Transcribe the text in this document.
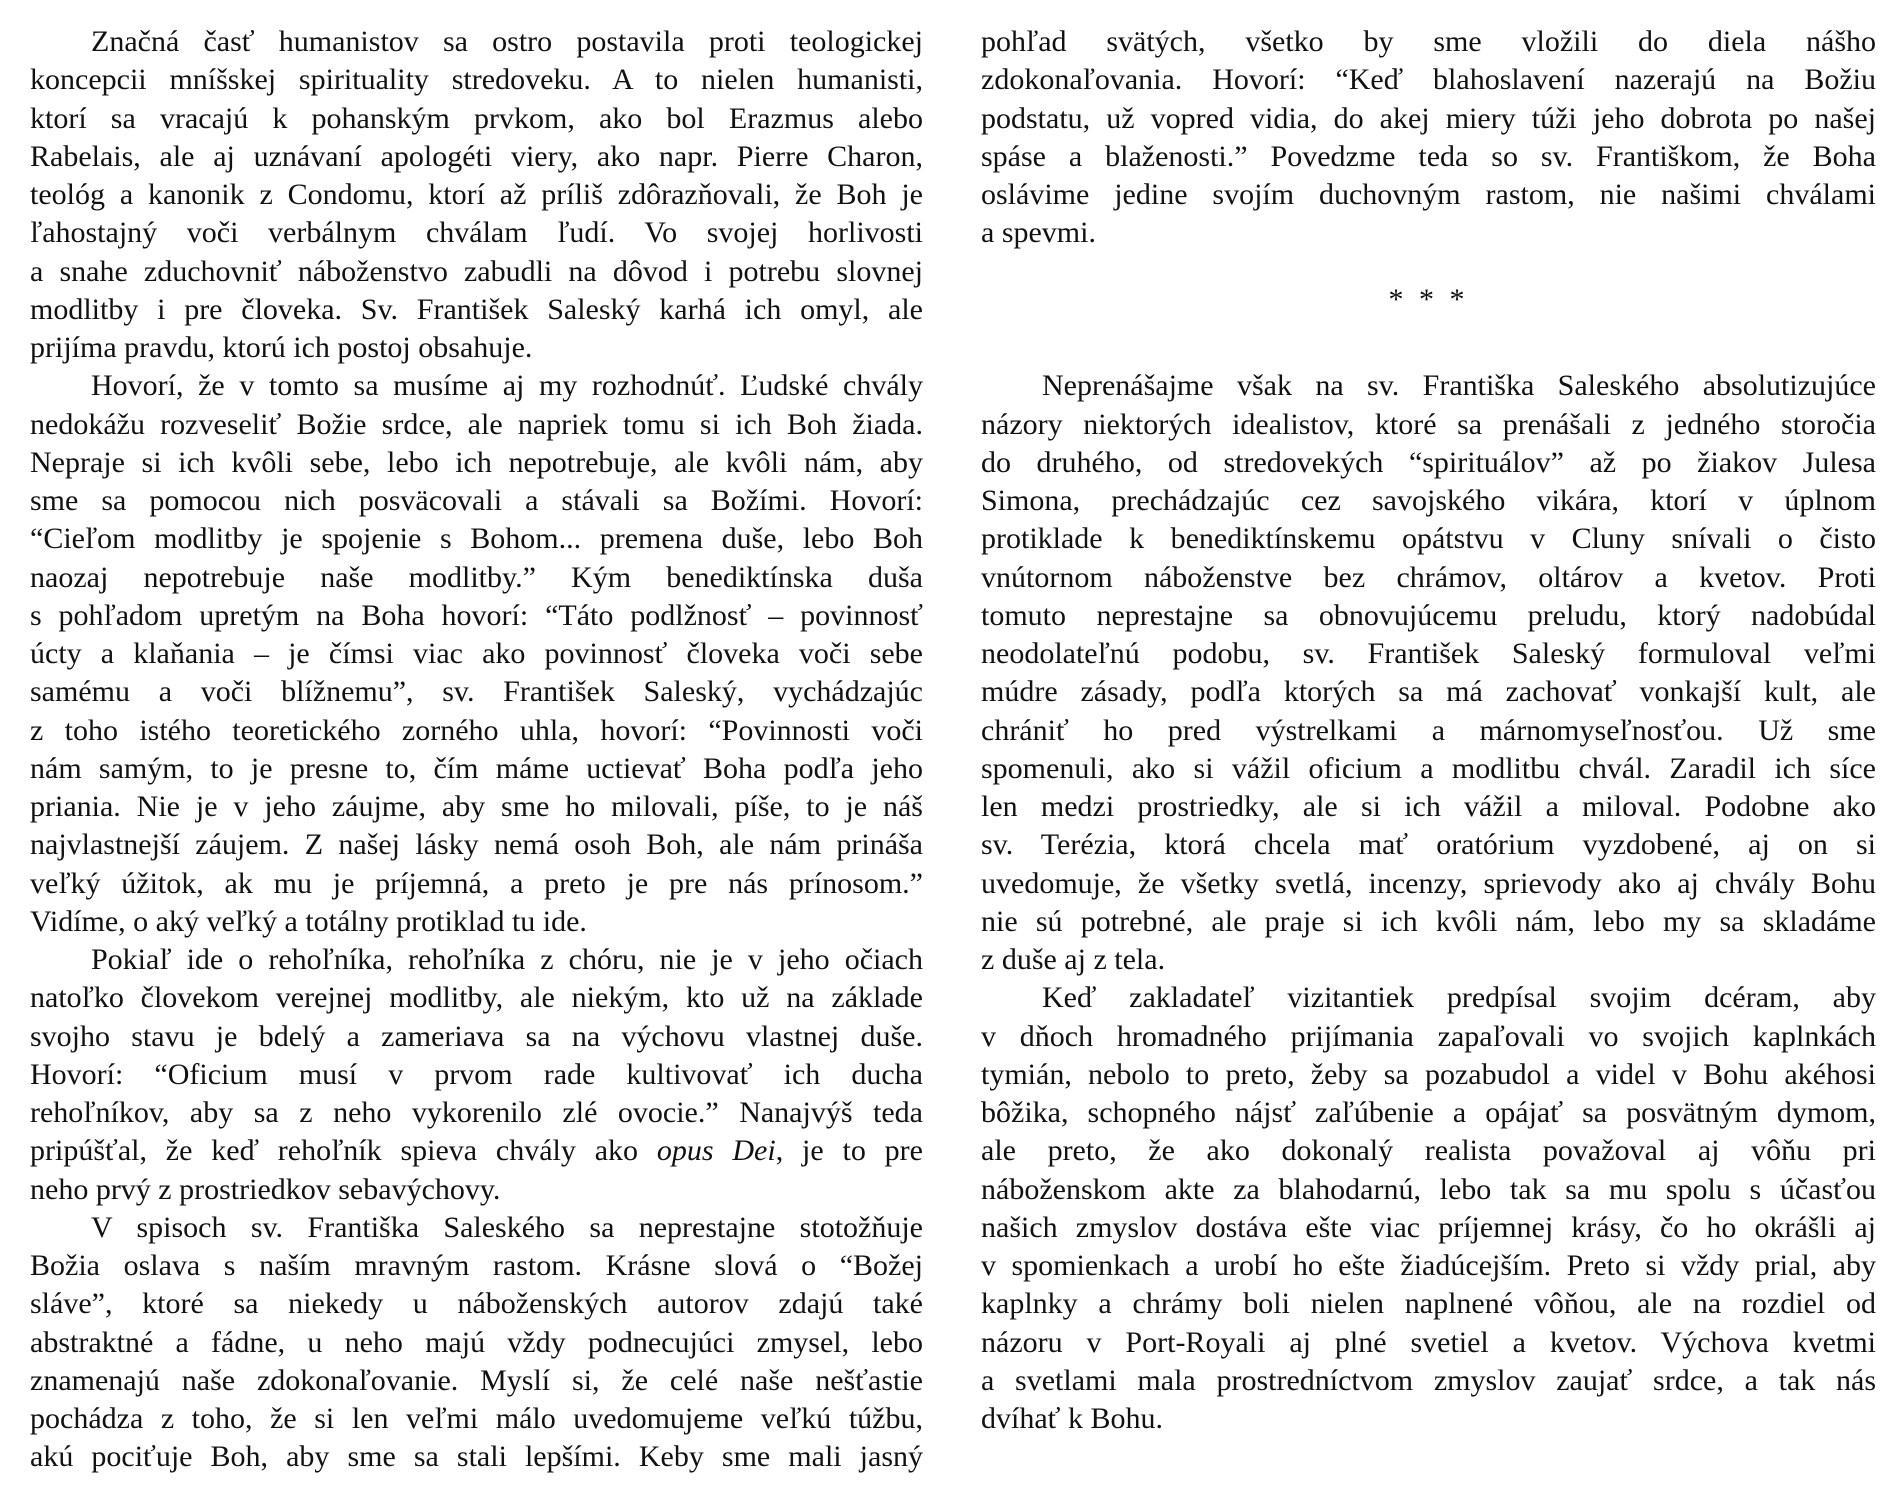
Značná časť humanistov sa ostro postavila proti teologickej
koncepcii mníšskej spirituality stredoveku. A to nielen humanisti,
ktorí sa vracajú k pohanským prvkom, ako bol Erazmus alebo
Rabelais, ale aj uznávaní apologéti viery, ako napr. Pierre Charon,
teológ a kanonik z Condomu, ktorí až príliš zdôrazňovali, že Boh je
ľahostajný voči verbálnym chválam ľudí. Vo svojej horlivosti
a snahe zduchovniť náboženstvo zabudli na dôvod i potrebu slovnej
modlitby i pre človeka. Sv. František Saleský karhá ich omyl, ale
prijíma pravdu, ktorú ich postoj obsahuje.
Hovorí, že v tomto sa musíme aj my rozhodnúť. Ľudské chvály
nedokážu rozveseliť Božie srdce, ale napriek tomu si ich Boh žiada.
Nepraje si ich kvôli sebe, lebo ich nepotrebuje, ale kvôli nám, aby
sme sa pomocou nich posväcovali a stávali sa Božími. Hovorí:
“Cieľom modlitby je spojenie s Bohom... premena duše, lebo Boh
naozaj nepotrebuje naše modlitby.” Kým benediktínska duša
s pohľadom upretým na Boha hovorí: “Táto podlžnosť – povinnosť
úcty a klaňania – je čímsi viac ako povinnosť človeka voči sebe
samému a voči blížnemu”, sv. František Saleský, vychádzajúc
z toho istého teoretického zorného uhla, hovorí: “Povinnosti voči
nám samým, to je presne to, čím máme uctievať Boha podľa jeho
priania. Nie je v jeho záujme, aby sme ho milovali, píše, to je náš
najvlastnejší záujem. Z našej lásky nemá osoh Boh, ale nám prináša
veľký úžitok, ak mu je príjemná, a preto je pre nás prínosom.”
Vidíme, o aký veľký a totálny protiklad tu ide.
Pokiaľ ide o rehoľníka, rehoľníka z chóru, nie je v jeho očiach
natoľko človekom verejnej modlitby, ale niekým, kto už na základe
svojho stavu je bdelý a zameriava sa na výchovu vlastnej duše.
Hovorí: “Oficium musí v prvom rade kultivovať ich ducha
rehoľníkov, aby sa z neho vykorenilo zlé ovocie.” Nanajvýš teda
pripúšťal, že keď rehoľník spieva chvály ako opus Dei, je to pre
neho prvý z prostriedkov sebavýchovy.
V spisoch sv. Františka Saleského sa neprestajne stotožňuje
Božia oslava s naším mravným rastom. Krásne slová o “Božej
sláve”, ktoré sa niekedy u náboženských autorov zdajú také
abstraktné a fádne, u neho majú vždy podnecujúci zmysel, lebo
znamenajú naše zdokonaľovanie. Myslí si, že celé naše nešťastie
pochádza z toho, že si len veľmi málo uvedomujeme veľkú túžbu,
akú pociťuje Boh, aby sme sa stali lepšími. Keby sme mali jasný
pohľad svätých, všetko by sme vložili do diela nášho
zdokonaľovania. Hovorí: “Keď blahoslavení nazerajú na Božiu
podstatu, už vopred vidia, do akej miery túži jeho dobrota po našej
spáse a blaženosti.” Povedzme teda so sv. Františkom, že Boha
oslávime jedine svojím duchovným rastom, nie našimi chválami
a spevmi.
* * *
Neprenášajme však na sv. Františka Saleského absolutizujúce
názory niektorých idealistov, ktoré sa prenášali z jedného storočia
do druhého, od stredovekých “spirituálov” až po žiakov Julesa
Simona, prechádzajúc cez savojského vikára, ktorí v úplnom
protiklade k benediktínskemu opátstvu v Cluny snívali o čisto
vnútornom náboženstve bez chrámov, oltárov a kvetov. Proti
tomuto neprestajne sa obnovujúcemu preludu, ktorý nadobúdal
neodolateľnú podobu, sv. František Saleský formuloval veľmi
múdre zásady, podľa ktorých sa má zachovať vonkajší kult, ale
chrániť ho pred výstrelkami a márnomyseľnosťou. Už sme
spomenuli, ako si vážil oficium a modlitbu chvál. Zaradil ich síce
len medzi prostriedky, ale si ich vážil a miloval. Podobne ako
sv. Terézia, ktorá chcela mať oratórium vyzdobené, aj on si
uvedomuje, že všetky svetlá, incenzy, sprievody ako aj chvály Bohu
nie sú potrebné, ale praje si ich kvôli nám, lebo my sa skladáme
z duše aj z tela.
Keď zakladateľ vizitantiek predpísal svojim dcéram, aby
v dňoch hromadného prijímania zapaľovali vo svojich kaplnkách
tymián, nebolo to preto, žeby sa pozabudol a videl v Bohu akéhosi
bôžika, schopného nájsť zaľúbenie a opájať sa posvätným dymom,
ale preto, že ako dokonalý realista považoval aj vôňu pri
náboženskom akte za blahodarnú, lebo tak sa mu spolu s účasťou
našich zmyslov dostáva ešte viac príjemnej krásy, čo ho okrášli aj
v spomienkach a urobí ho ešte žiadúcejším. Preto si vždy prial, aby
kaplnky a chrámy boli nielen naplnené vôňou, ale na rozdiel od
názoru v Port-Royali aj plné svetiel a kvetov. Výchova kvetmi
a svetlami mala prostredníctvom zmyslov zaujať srdce, a tak nás
dvíhať k Bohu.
